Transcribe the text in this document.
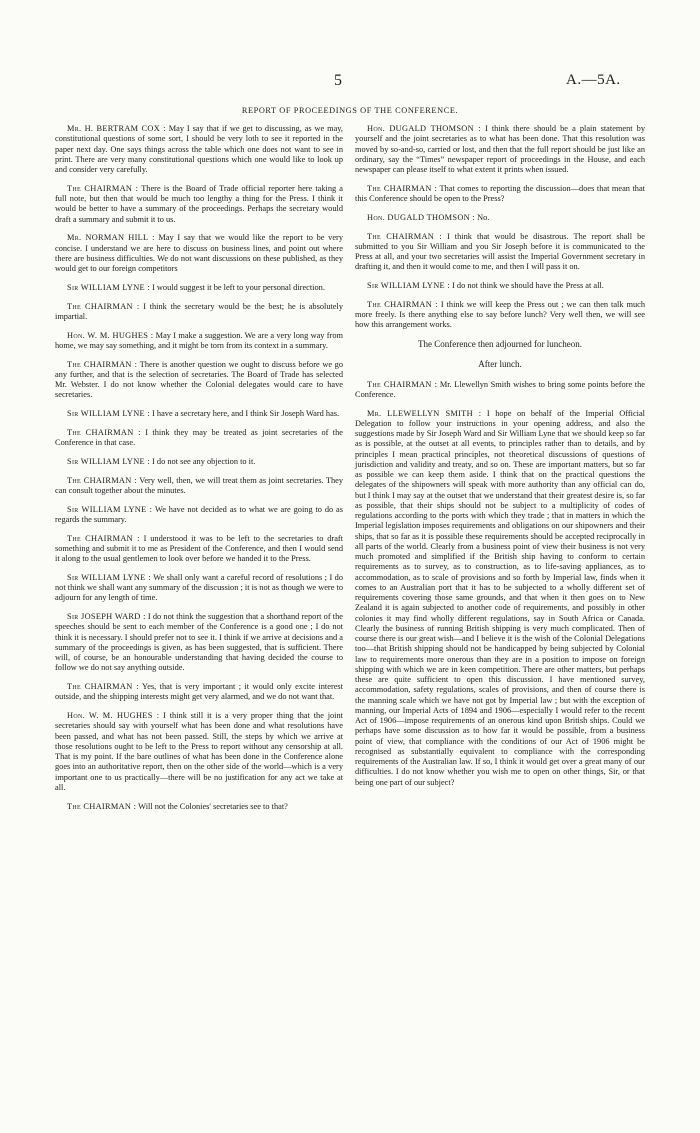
5	A.—5A.
REPORT OF PROCEEDINGS OF THE CONFERENCE.

Mr. H. BERTRAM COX : May I say that if we get to discussing, as we may, constitutional questions of some sort, I should be very loth to see it reported in the paper next day. One says things across the table which one does not want to see in print. There are very many constitutional questions which one would like to look up and consider very carefully.

The CHAIRMAN : There is the Board of Trade official reporter here taking a full note, but then that would be much too lengthy a thing for the Press. I think it would be better to have a summary of the proceedings. Perhaps the secretary would draft a summary and submit it to us.

Mr. NORMAN HILL : May I say that we would like the report to be very concise. I understand we are here to discuss on business lines, and point out where there are business difficulties. We do not want discussions on these published, as they would get to our foreign competitors

Sir WILLIAM LYNE : I would suggest it be left to your personal direction.

The CHAIRMAN : I think the secretary would be the best; he is absolutely impartial.

Hon. W. M. HUGHES : May I make a suggestion. We are a very long way from home, we may say something, and it might be torn from its context in a summary.

The CHAIRMAN : There is another question we ought to discuss before we go any further, and that is the selection of secretaries. The Board of Trade has selected Mr. Webster. I do not know whether the Colonial delegates would care to have secretaries.

Sir WILLIAM LYNE : I have a secretary here, and I think Sir Joseph Ward has.

The CHAIRMAN : I think they may be treated as joint secretaries of the Conference in that case.

Sir WILLIAM LYNE : I do not see any objection to it.

The CHAIRMAN : Very well, then, we will treat them as joint secretaries. They can consult together about the minutes.

Sir WILLIAM LYNE : We have not decided as to what we are going to do as regards the summary.

The CHAIRMAN : I understood it was to be left to the secretaries to draft something and submit it to me as President of the Conference, and then I would send it along to the usual gentlemen to look over before we handed it to the Press.

Sir WILLIAM LYNE : We shall only want a careful record of resolutions ; I do not think we shall want any summary of the discussion ; it is not as though we were to adjourn for any length of time.

Sir JOSEPH WARD : I do not think the suggestion that a shorthand report of the speeches should be sent to each member of the Conference is a good one ; I do not think it is necessary. I should prefer not to see it. I think if we arrive at decisions and a summary of the proceedings is given, as has been suggested, that is sufficient. There will, of course, be an honourable understanding that having decided the course to follow we do not say anything outside.

The CHAIRMAN : Yes, that is very important ; it would only excite interest outside, and the shipping interests might get very alarmed, and we do not want that.

Hon. W. M. HUGHES : I think still it is a very proper thing that the joint secretaries should say with yourself what has been done and what resolutions have been passed, and what has not been passed. Still, the steps by which we arrive at those resolutions ought to be left to the Press to report without any censorship at all. That is my point. If the bare outlines of what has been done in the Conference alone goes into an authoritative report, then on the other side of the world—which is a very important one to us practically—there will be no justification for any act we take at all.

The CHAIRMAN : Will not the Colonies' secretaries see to that?

Hon. DUGALD THOMSON : I think there should be a plain statement by yourself and the joint secretaries as to what has been done. That this resolution was moved by so-and-so, carried or lost, and then that the full report should be just like an ordinary, say the “Times” newspaper report of proceedings in the House, and each newspaper can please itself to what extent it prints when issued.

The CHAIRMAN : That comes to reporting the discussion—does that mean that this Conference should be open to the Press?

Hon. DUGALD THOMSON : No.

The CHAIRMAN : I think that would be disastrous. The report shall be submitted to you Sir William and you Sir Joseph before it is communicated to the Press at all, and your two secretaries will assist the Imperial Government secretary in drafting it, and then it would come to me, and then I will pass it on.

Sir WILLIAM LYNE : I do not think we should have the Press at all.

The CHAIRMAN : I think we will keep the Press out ; we can then talk much more freely. Is there anything else to say before lunch? Very well then, we will see how this arrangement works.

The Conference then adjourned for luncheon.

After lunch.

The CHAIRMAN : Mr. Llewellyn Smith wishes to bring some points before the Conference.

Mr. LLEWELLYN SMITH : I hope on behalf of the Imperial Official Delegation to follow your instructions in your opening address, and also the suggestions made by Sir Joseph Ward and Sir William Lyne that we should keep so far as is possible, at the outset at all events, to principles rather than to details, and by principles I mean practical principles, not theoretical discussions of questions of jurisdiction and validity and treaty, and so on. These are important matters, but so far as possible we can keep them aside. I think that on the practical questions the delegates of the shipowners will speak with more authority than any official can do, but I think I may say at the outset that we understand that their greatest desire is, so far as possible, that their ships should not be subject to a multiplicity of codes of regulations according to the ports with which they trade ; that in matters in which the Imperial legislation imposes requirements and obligations on our shipowners and their ships, that so far as it is possible these requirements should be accepted reciprocally in all parts of the world. Clearly from a business point of view their business is not very much promoted and simplified if the British ship having to conform to certain requirements as to survey, as to construction, as to life-saving appliances, as to accommodation, as to scale of provisions and so forth by Imperial law, finds when it comes to an Australian port that it has to be subjected to a wholly different set of requirements covering those same grounds, and that when it then goes on to New Zealand it is again subjected to another code of requirements, and possibly in other colonies it may find wholly different regulations, say in South Africa or Canada. Clearly the business of running British shipping is very much complicated. Then of course there is our great wish—and I believe it is the wish of the Colonial Delegations too—that British shipping should not be handicapped by being subjected by Colonial law to requirements more onerous than they are in a position to impose on foreign shipping with which we are in keen competition. There are other matters, but perhaps these are quite sufficient to open this discussion. I have mentioned survey, accommodation, safety regulations, scales of provisions, and then of course there is the manning scale which we have not got by Imperial law ; but with the exception of manning, our Imperial Acts of 1894 and 1906—especially I would refer to the recent Act of 1906—impose requirements of an onerous kind upon British ships. Could we perhaps have some discussion as to how far it would be possible, from a business point of view, that compliance with the conditions of our Act of 1906 might be recognised as substantially equivalent to compliance with the corresponding requirements of the Australian law. If so, I think it would get over a great many of our difficulties. I do not know whether you wish me to open on other things, Sir, or that being one part of our subject?
